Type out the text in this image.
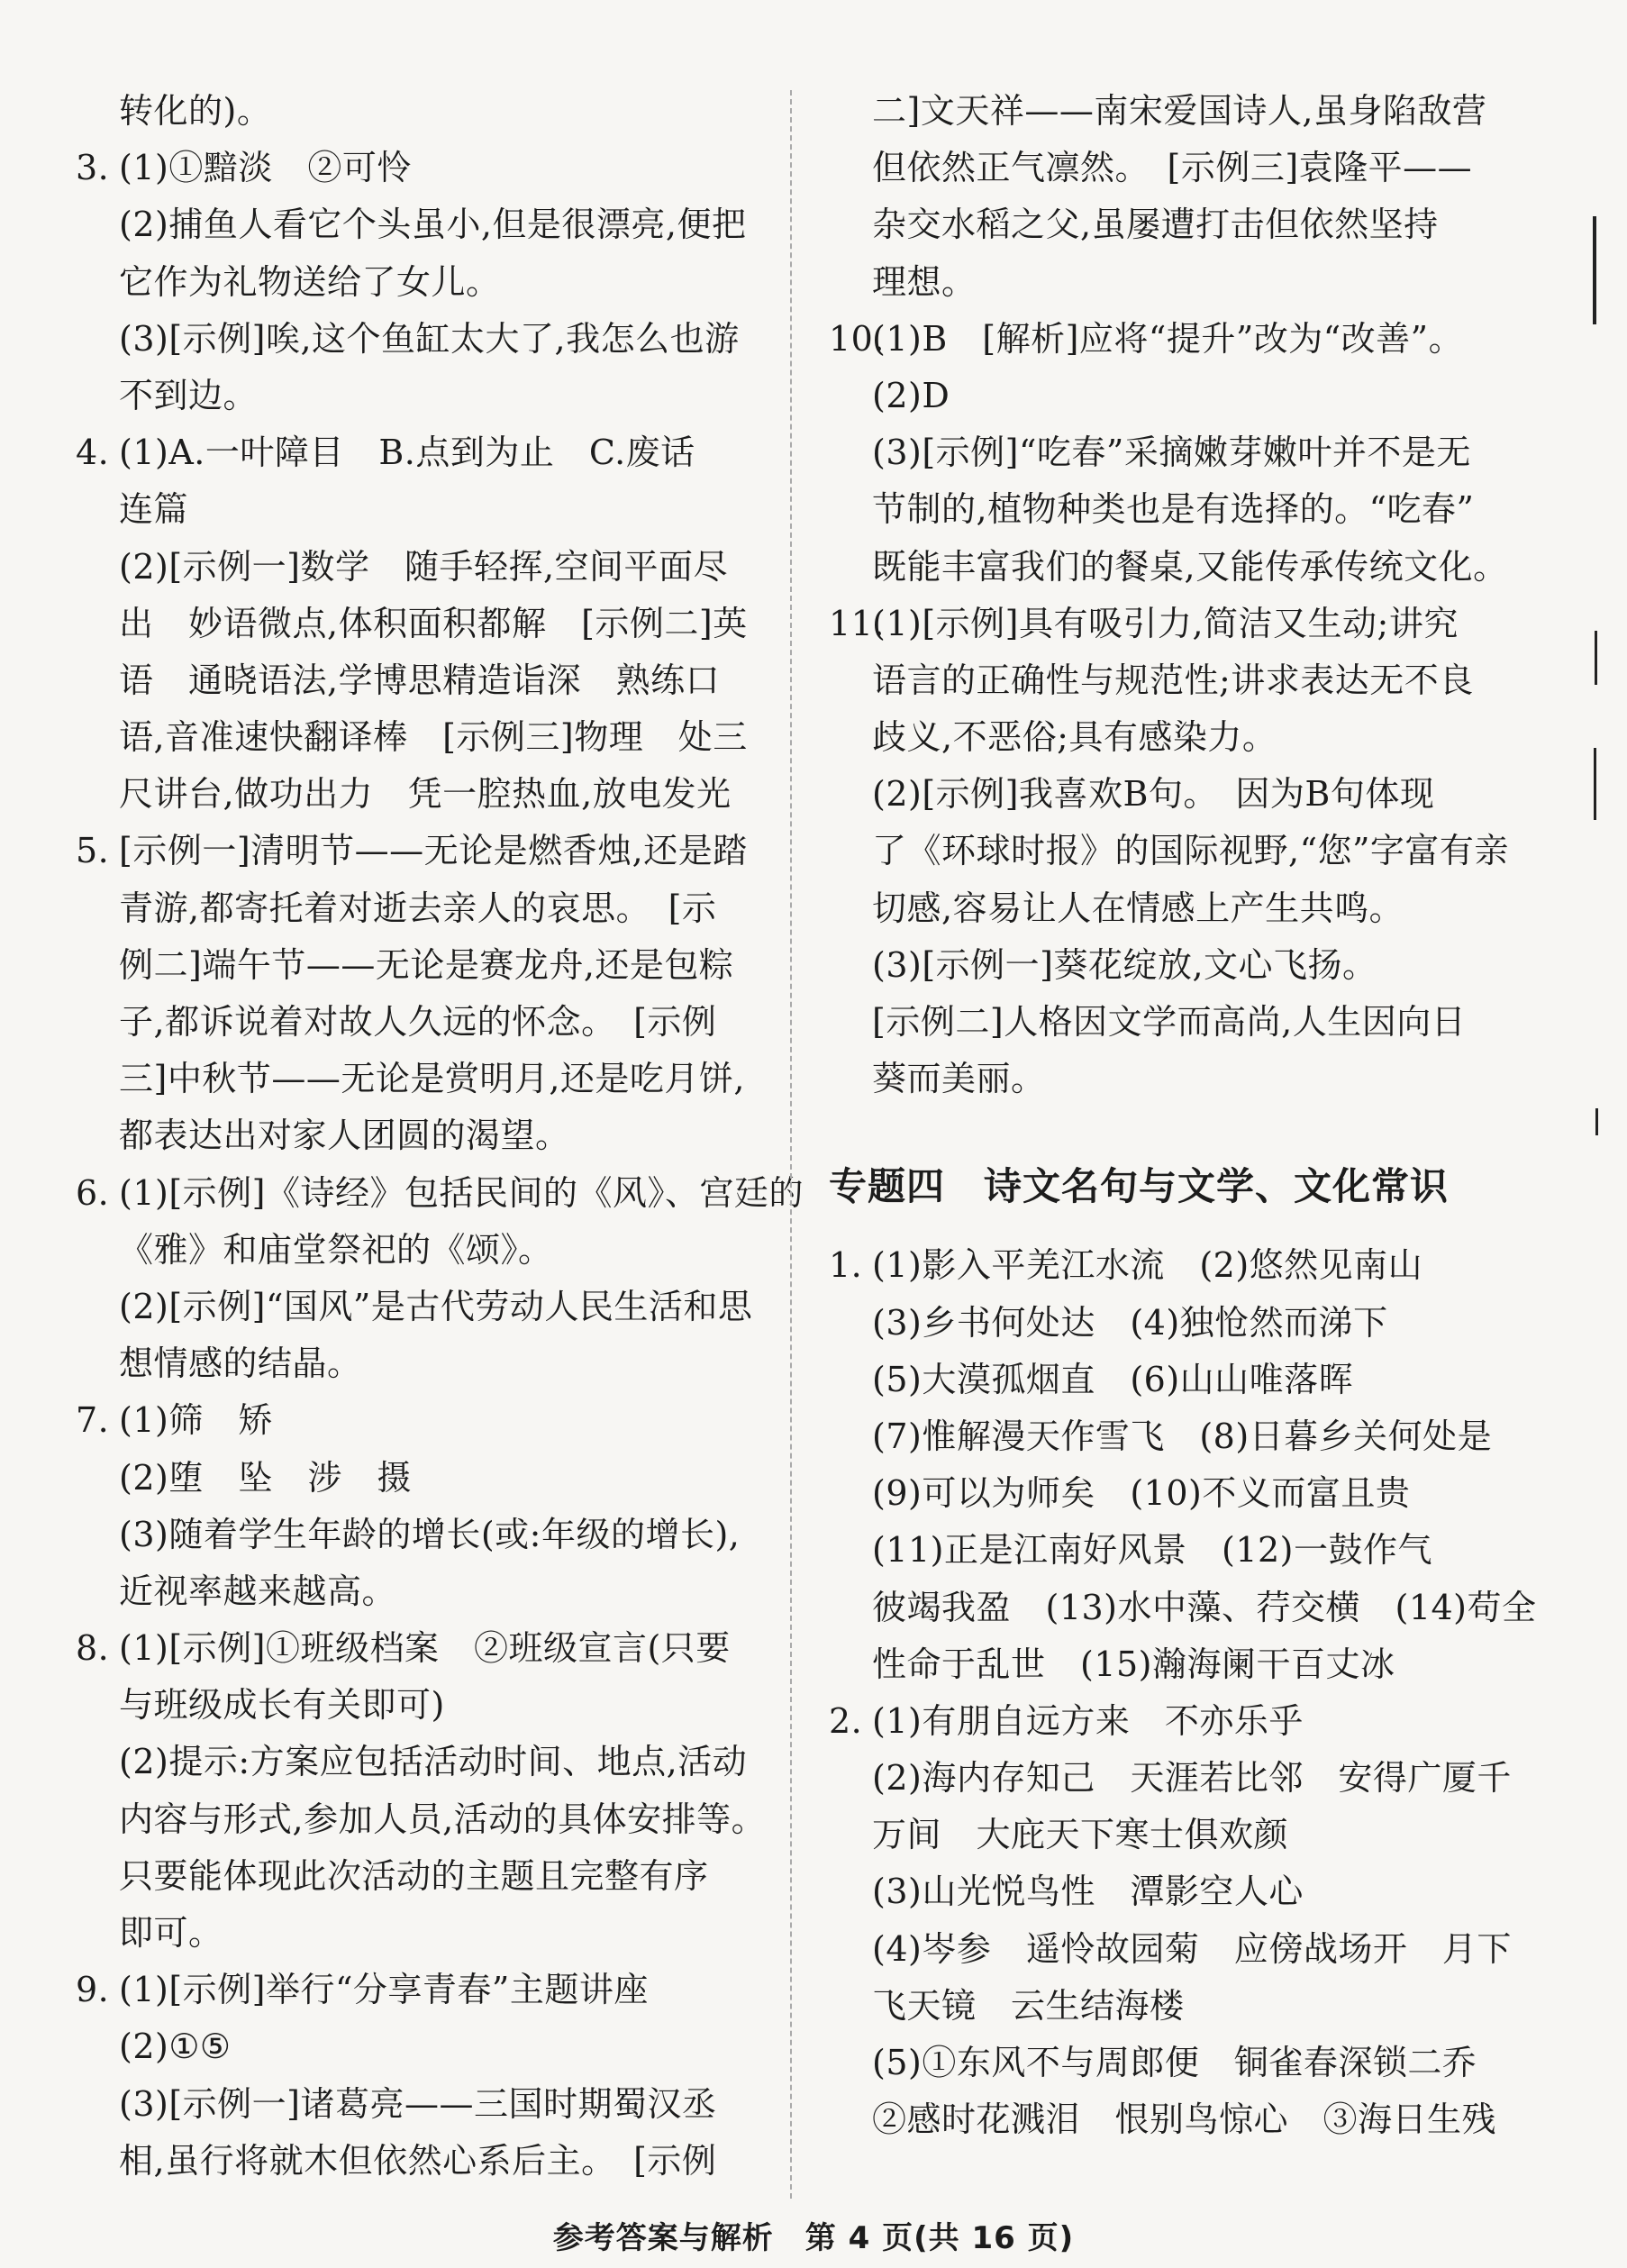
转化的)。
3. (1)①黯淡　②可怜
(2)捕鱼人看它个头虽小,但是很漂亮,便把
它作为礼物送给了女儿。
(3)[示例]唉,这个鱼缸太大了,我怎么也游
不到边。
4. (1)A.一叶障目　B.点到为止　C.废话
连篇
(2)[示例一]数学　随手轻挥,空间平面尽
出　妙语微点,体积面积都解　[示例二]英
语　通晓语法,学博思精造诣深　熟练口
语,音准速快翻译棒　[示例三]物理　处三
尺讲台,做功出力　凭一腔热血,放电发光
5. [示例一]清明节——无论是燃香烛,还是踏
青游,都寄托着对逝去亲人的哀思。　[示
例二]端午节——无论是赛龙舟,还是包粽
子,都诉说着对故人久远的怀念。　[示例
三]中秋节——无论是赏明月,还是吃月饼,
都表达出对家人团圆的渴望。
6. (1)[示例]《诗经》包括民间的《风》、宫廷的
《雅》和庙堂祭祀的《颂》。
(2)[示例]“国风”是古代劳动人民生活和思
想情感的结晶。
7. (1)筛　矫
(2)堕　坠　涉　摄
(3)随着学生年龄的增长(或:年级的增长),
近视率越来越高。
8. (1)[示例]①班级档案　②班级宣言(只要
与班级成长有关即可)
(2)提示:方案应包括活动时间、地点,活动
内容与形式,参加人员,活动的具体安排等。
只要能体现此次活动的主题且完整有序
即可。
9. (1)[示例]举行“分享青春”主题讲座
(2)①⑤
(3)[示例一]诸葛亮——三国时期蜀汉丞
相,虽行将就木但依然心系后主。　[示例
二]文天祥——南宋爱国诗人,虽身陷敌营
但依然正气凛然。　[示例三]袁隆平——
杂交水稻之父,虽屡遭打击但依然坚持
理想。
10.
(1)B　[解析]应将“提升”改为“改善”。
(2)D
(3)[示例]“吃春”采摘嫩芽嫩叶并不是无
节制的,植物种类也是有选择的。“吃春”
既能丰富我们的餐桌,又能传承传统文化。
11.
(1)[示例]具有吸引力,简洁又生动;讲究
语言的正确性与规范性;讲求表达无不良
歧义,不恶俗;具有感染力。
(2)[示例]我喜欢B句。　因为B句体现
了《环球时报》的国际视野,“您”字富有亲
切感,容易让人在情感上产生共鸣。
(3)[示例一]葵花绽放,文心飞扬。
[示例二]人格因文学而高尚,人生因向日
葵而美丽。
专题四　诗文名句与文学、文化常识
1. (1)影入平羌江水流　(2)悠然见南山
(3)乡书何处达　(4)独怆然而涕下
(5)大漠孤烟直　(6)山山唯落晖
(7)惟解漫天作雪飞　(8)日暮乡关何处是
(9)可以为师矣　(10)不义而富且贵
(11)正是江南好风景　(12)一鼓作气
彼竭我盈　(13)水中藻、荇交横　(14)苟全
性命于乱世　(15)瀚海阑干百丈冰
2. (1)有朋自远方来　不亦乐乎
(2)海内存知己　天涯若比邻　安得广厦千
万间　大庇天下寒士俱欢颜
(3)山光悦鸟性　潭影空人心
(4)岑参　遥怜故园菊　应傍战场开　月下
飞天镜　云生结海楼
(5)①东风不与周郎便　铜雀春深锁二乔
②感时花溅泪　恨别鸟惊心　③海日生残
参考答案与解析　第 4 页(共 16 页)
